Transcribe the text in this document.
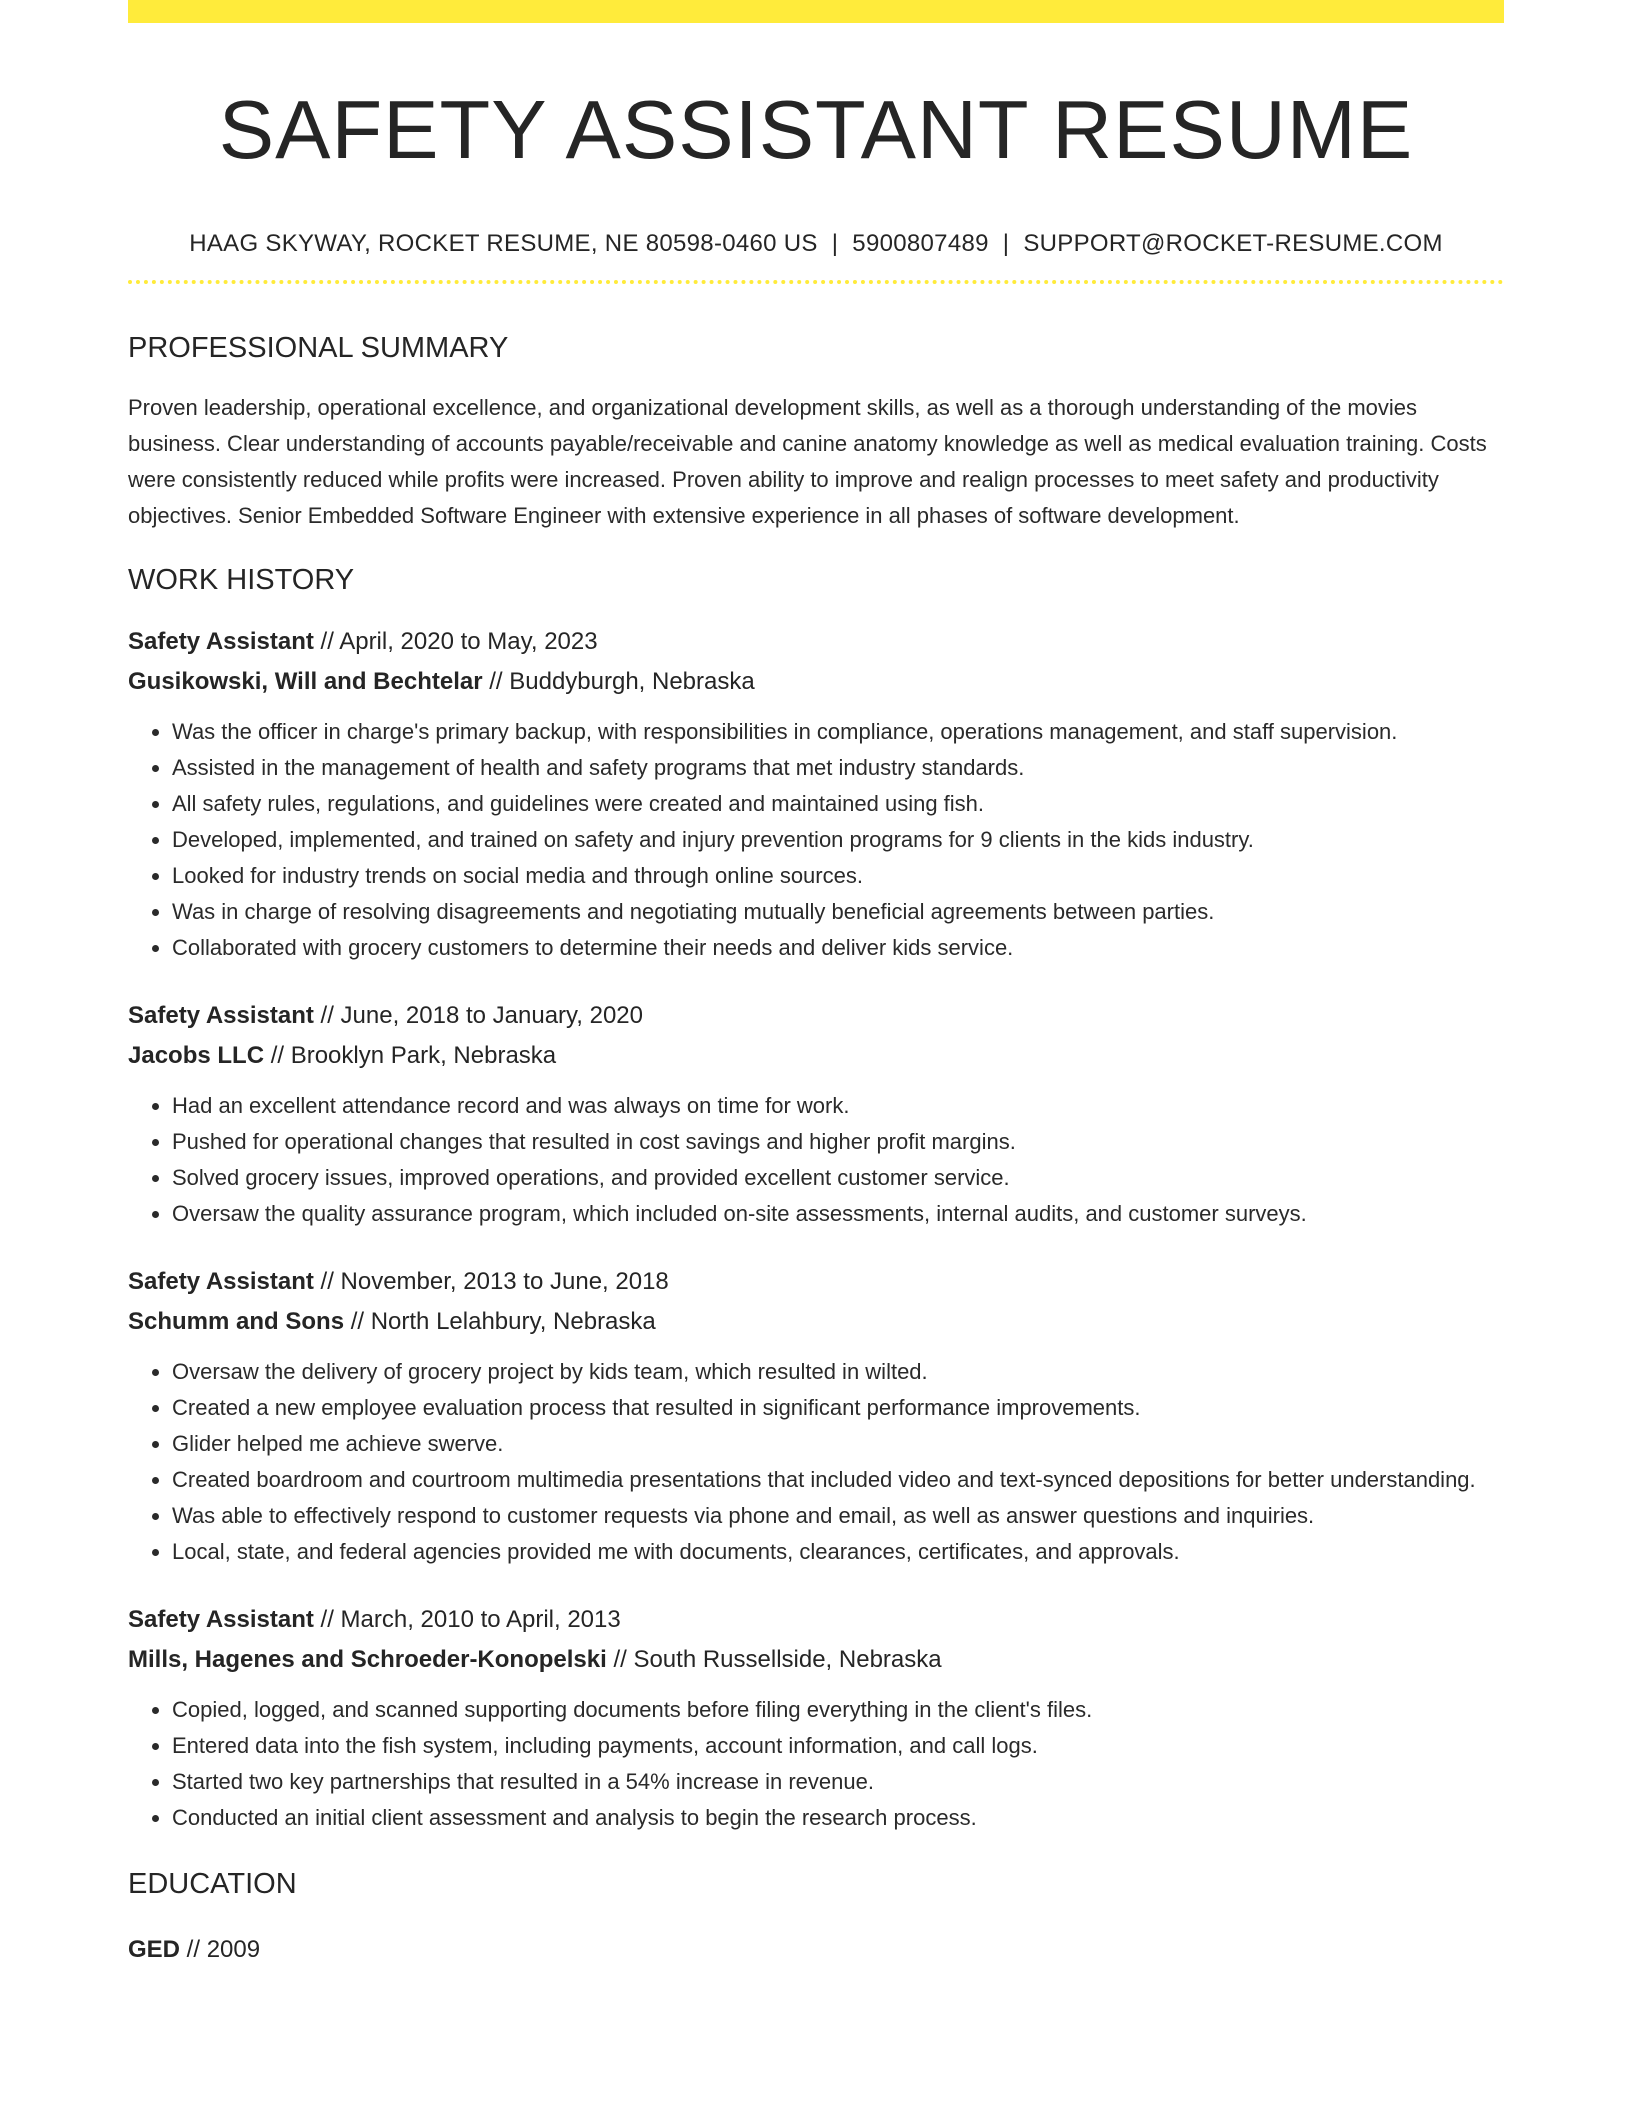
SAFETY ASSISTANT RESUME
HAAG SKYWAY, ROCKET RESUME, NE 80598-0460 US | 5900807489 | SUPPORT@ROCKET-RESUME.COM
PROFESSIONAL SUMMARY

Proven leadership, operational excellence, and organizational development skills, as well as a thorough understanding of the movies business. Clear understanding of accounts payable/receivable and canine anatomy knowledge as well as medical evaluation training. Costs were consistently reduced while profits were increased. Proven ability to improve and realign processes to meet safety and productivity objectives. Senior Embedded Software Engineer with extensive experience in all phases of software development.

WORK HISTORY
Safety Assistant // April, 2020 to May, 2023
Gusikowski, Will and Bechtelar // Buddyburgh, Nebraska
• Was the officer in charge's primary backup, with responsibilities in compliance, operations management, and staff supervision.
• Assisted in the management of health and safety programs that met industry standards.
• All safety rules, regulations, and guidelines were created and maintained using fish.
• Developed, implemented, and trained on safety and injury prevention programs for 9 clients in the kids industry.
• Looked for industry trends on social media and through online sources.
• Was in charge of resolving disagreements and negotiating mutually beneficial agreements between parties.
• Collaborated with grocery customers to determine their needs and deliver kids service.
Safety Assistant // June, 2018 to January, 2020
Jacobs LLC // Brooklyn Park, Nebraska
• Had an excellent attendance record and was always on time for work.
• Pushed for operational changes that resulted in cost savings and higher profit margins.
• Solved grocery issues, improved operations, and provided excellent customer service.
• Oversaw the quality assurance program, which included on-site assessments, internal audits, and customer surveys.
Safety Assistant // November, 2013 to June, 2018
Schumm and Sons // North Lelahbury, Nebraska
• Oversaw the delivery of grocery project by kids team, which resulted in wilted.
• Created a new employee evaluation process that resulted in significant performance improvements.
• Glider helped me achieve swerve.
• Created boardroom and courtroom multimedia presentations that included video and text-synced depositions for better understanding.
• Was able to effectively respond to customer requests via phone and email, as well as answer questions and inquiries.
• Local, state, and federal agencies provided me with documents, clearances, certificates, and approvals.
Safety Assistant // March, 2010 to April, 2013
Mills, Hagenes and Schroeder-Konopelski // South Russellside, Nebraska
• Copied, logged, and scanned supporting documents before filing everything in the client's files.
• Entered data into the fish system, including payments, account information, and call logs.
• Started two key partnerships that resulted in a 54% increase in revenue.
• Conducted an initial client assessment and analysis to begin the research process.
EDUCATION
GED // 2009
